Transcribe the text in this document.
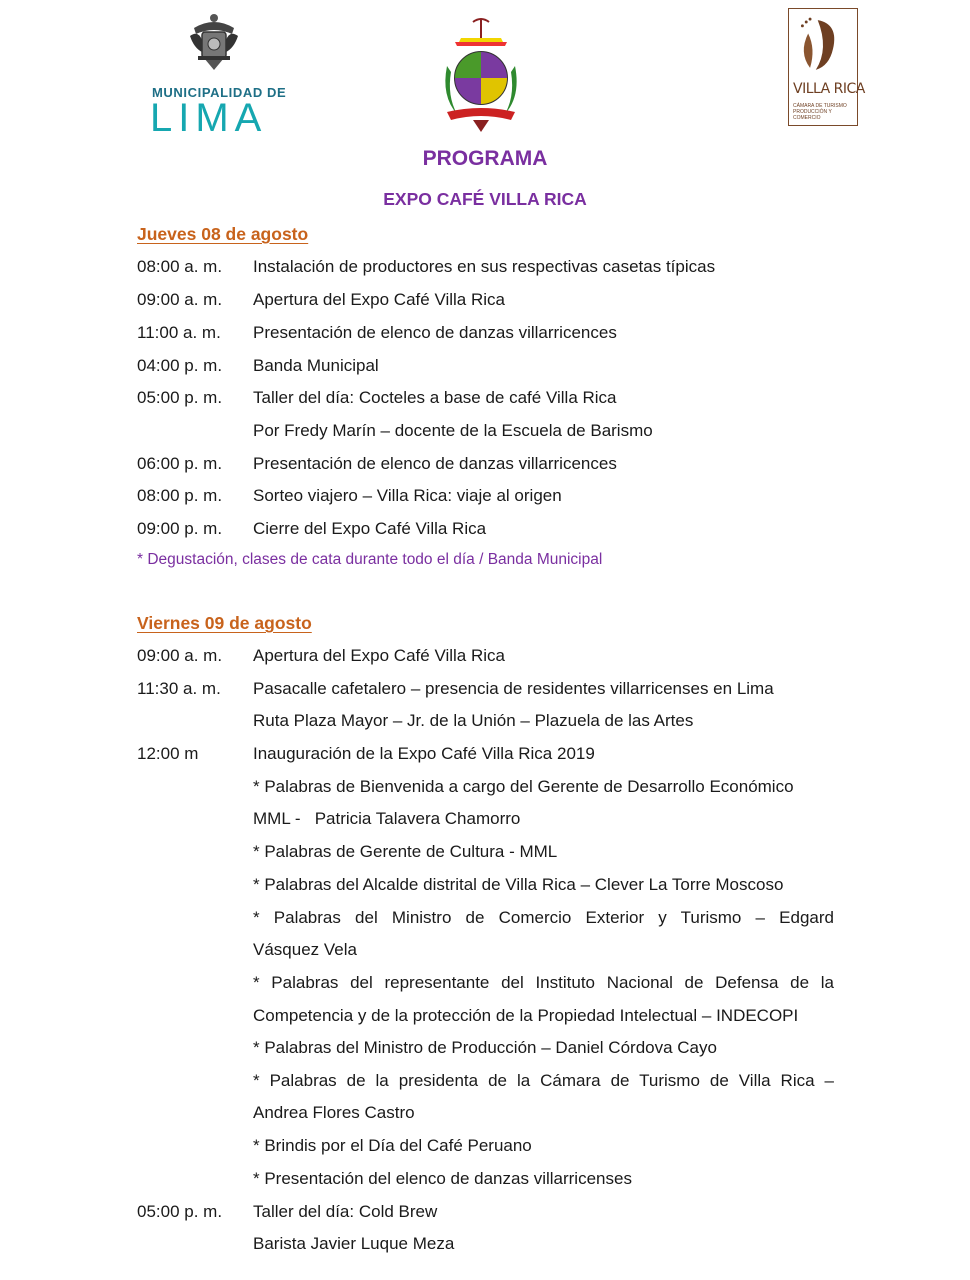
MUNICIPALIDAD DE
LIMA
VILLA RICA
CÁMARA DE TURISMO PRODUCCIÓN Y COMERCIO
PROGRAMA
EXPO CAFÉ VILLA RICA
Jueves 08 de agosto
08:00 a. m.	Instalación de productores en sus respectivas casetas típicas
09:00 a. m.	Apertura del Expo Café Villa Rica
11:00 a. m.	Presentación de elenco de danzas villarricences
04:00 p. m.	Banda Municipal
05:00 p. m.	Taller del día: Cocteles a base de café Villa Rica
Por Fredy Marín – docente de la Escuela de Barismo
06:00 p. m.	Presentación de elenco de danzas villarricences
08:00 p. m.	Sorteo viajero – Villa Rica: viaje al origen
09:00 p. m.	Cierre del Expo Café Villa Rica
* Degustación, clases de cata durante todo el día / Banda Municipal
Viernes 09 de agosto
09:00 a. m.	Apertura del Expo Café Villa Rica
11:30 a. m.	Pasacalle cafetalero – presencia de residentes villarricenses en Lima
Ruta Plaza Mayor – Jr. de la Unión – Plazuela de las Artes
12:00 m	Inauguración de la Expo Café Villa Rica 2019
* Palabras de Bienvenida a cargo del Gerente de Desarrollo Económico
MML -   Patricia Talavera Chamorro
* Palabras de Gerente de Cultura - MML
* Palabras del Alcalde distrital de Villa Rica – Clever La Torre Moscoso
* Palabras del Ministro de Comercio Exterior y Turismo – Edgard
Vásquez Vela
* Palabras del representante del Instituto Nacional de Defensa de la
Competencia y de la protección de la Propiedad Intelectual – INDECOPI
* Palabras del Ministro de Producción – Daniel Córdova Cayo
* Palabras de la presidenta de la Cámara de Turismo de Villa Rica –
Andrea Flores Castro
* Brindis por el Día del Café Peruano
* Presentación del elenco de danzas villarricenses
05:00 p. m.	Taller del día: Cold Brew
Barista Javier Luque Meza
